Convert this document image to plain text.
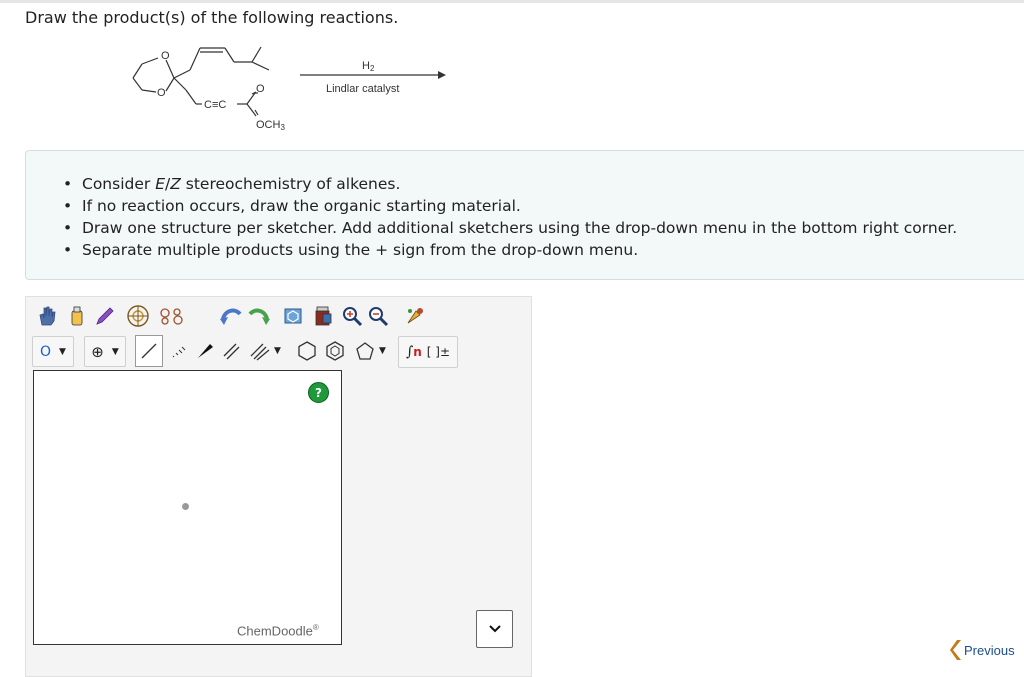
Draw the product(s) of the following reactions.
O
O
C≡C
O
OCH3
H2
Lindlar catalyst
• Consider E/Z stereochemistry of alkenes.
• If no reaction occurs, draw the organic starting material.
• Draw one structure per sketcher. Add additional sketchers using the drop-down menu in the bottom right corner.
• Separate multiple products using the + sign from the drop-down menu.
O ▼ ⊕ ▼	▼	▼ ∫ n [ ]±
?
ChemDoodle®
Previous
